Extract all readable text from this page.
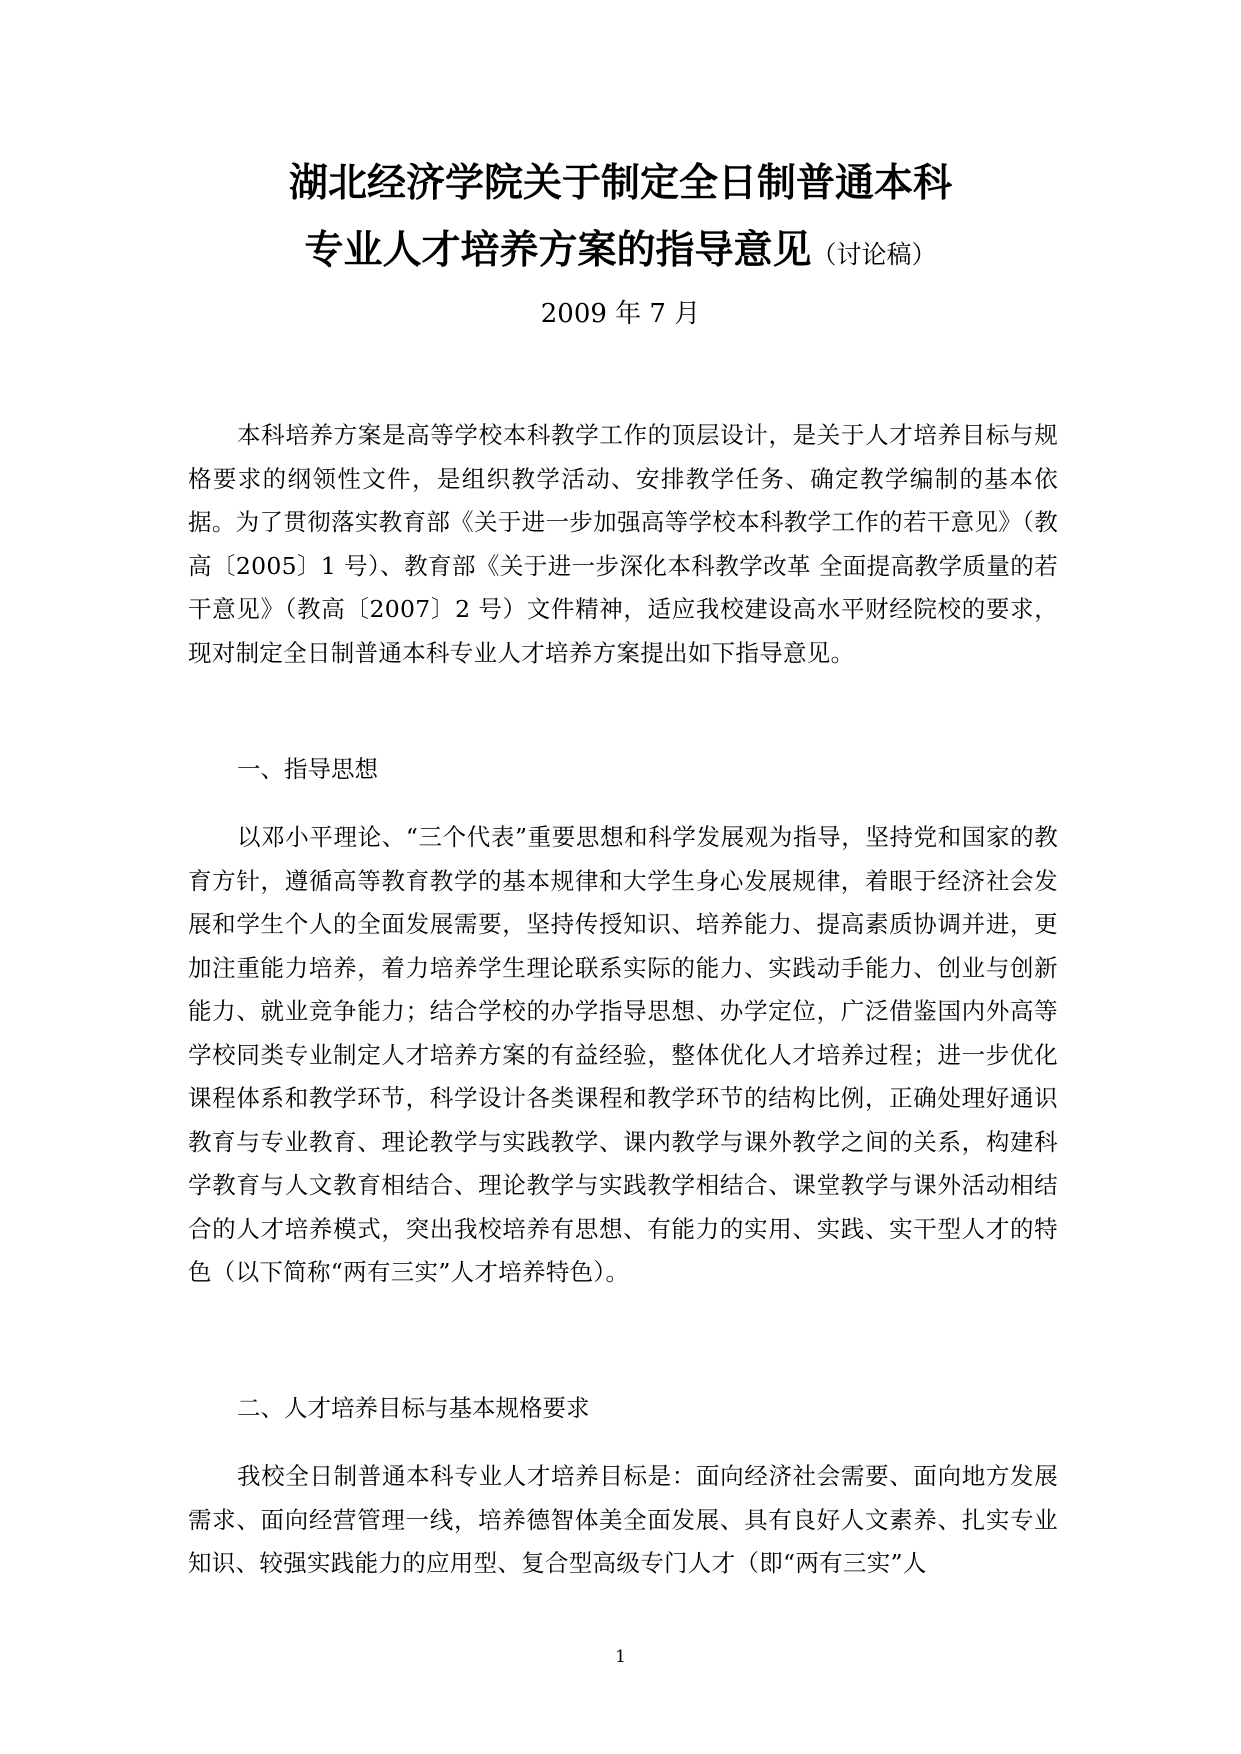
湖北经济学院关于制定全日制普通本科
专业人才培养方案的指导意见（讨论稿）
2009 年 7 月

本科培养方案是高等学校本科教学工作的顶层设计，是关于人才培养目标与规格要求的纲领性文件，是组织教学活动、安排教学任务、确定教学编制的基本依据。为了贯彻落实教育部《关于进一步加强高等学校本科教学工作的若干意见》（教高〔2005〕1 号）、教育部《关于进一步深化本科教学改革 全面提高教学质量的若干意见》（教高〔2007〕2 号）文件精神，适应我校建设高水平财经院校的要求，现对制定全日制普通本科专业人才培养方案提出如下指导意见。

一、指导思想

以邓小平理论、“三个代表”重要思想和科学发展观为指导，坚持党和国家的教育方针，遵循高等教育教学的基本规律和大学生身心发展规律，着眼于经济社会发展和学生个人的全面发展需要，坚持传授知识、培养能力、提高素质协调并进，更加注重能力培养，着力培养学生理论联系实际的能力、实践动手能力、创业与创新能力、就业竞争能力；结合学校的办学指导思想、办学定位，广泛借鉴国内外高等学校同类专业制定人才培养方案的有益经验，整体优化人才培养过程；进一步优化课程体系和教学环节，科学设计各类课程和教学环节的结构比例，正确处理好通识教育与专业教育、理论教学与实践教学、课内教学与课外教学之间的关系，构建科学教育与人文教育相结合、理论教学与实践教学相结合、课堂教学与课外活动相结合的人才培养模式，突出我校培养有思想、有能力的实用、实践、实干型人才的特色（以下简称“两有三实”人才培养特色）。

二、人才培养目标与基本规格要求

我校全日制普通本科专业人才培养目标是：面向经济社会需要、面向地方发展需求、面向经营管理一线，培养德智体美全面发展、具有良好人文素养、扎实专业知识、较强实践能力的应用型、复合型高级专门人才（即“两有三实”人

1
